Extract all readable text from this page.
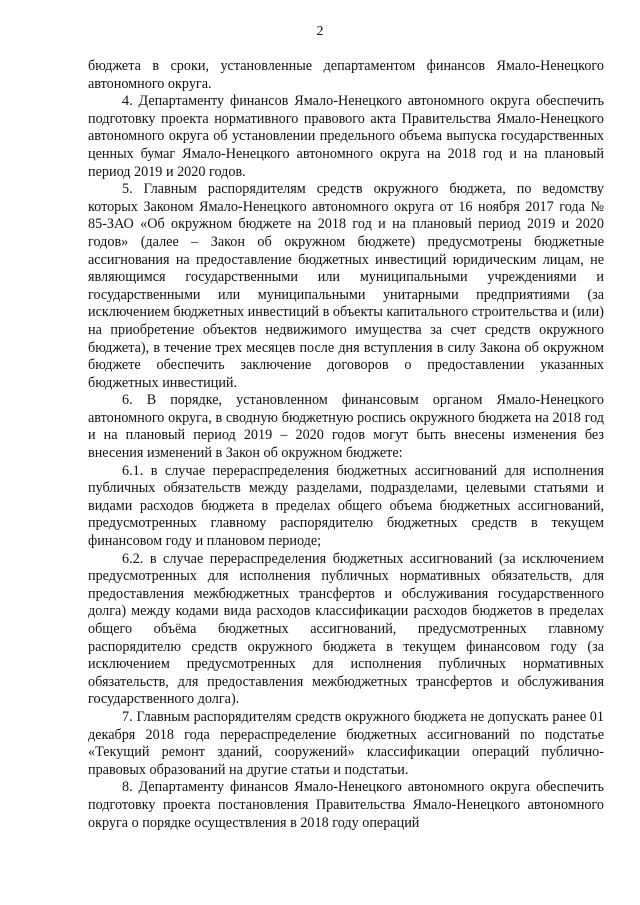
2

бюджета в сроки, установленные департаментом финансов Ямало-Ненецкого автономного округа.

4. Департаменту финансов Ямало-Ненецкого автономного округа обеспечить подготовку проекта нормативного правового акта Правительства Ямало-Ненецкого автономного округа об установлении предельного объема выпуска государственных ценных бумаг Ямало-Ненецкого автономного округа на 2018 год и на плановый период 2019 и 2020 годов.

5. Главным распорядителям средств окружного бюджета, по ведомству которых Законом Ямало-Ненецкого автономного округа от 16 ноября 2017 года № 85-ЗАО «Об окружном бюджете на 2018 год и на плановый период 2019 и 2020 годов» (далее – Закон об окружном бюджете) предусмотрены бюджетные ассигнования на предоставление бюджетных инвестиций юридическим лицам, не являющимся государственными или муниципальными учреждениями и государственными или муниципальными унитарными предприятиями (за исключением бюджетных инвестиций в объекты капитального строительства и (или) на приобретение объектов недвижимого имущества за счет средств окружного бюджета), в течение трех месяцев после дня вступления в силу Закона об окружном бюджете обеспечить заключение договоров о предоставлении указанных бюджетных инвестиций.

6. В порядке, установленном финансовым органом Ямало-Ненецкого автономного округа, в сводную бюджетную роспись окружного бюджета на 2018 год и на плановый период 2019 – 2020 годов могут быть внесены изменения без внесения изменений в Закон об окружном бюджете:

6.1. в случае перераспределения бюджетных ассигнований для исполнения публичных обязательств между разделами, подразделами, целевыми статьями и видами расходов бюджета в пределах общего объема бюджетных ассигнований, предусмотренных главному распорядителю бюджетных средств в текущем финансовом году и плановом периоде;

6.2. в случае перераспределения бюджетных ассигнований (за исключением предусмотренных для исполнения публичных нормативных обязательств, для предоставления межбюджетных трансфертов и обслуживания государственного долга) между кодами вида расходов классификации расходов бюджетов в пределах общего объёма бюджетных ассигнований, предусмотренных главному распорядителю средств окружного бюджета в текущем финансовом году (за исключением предусмотренных для исполнения публичных нормативных обязательств, для предоставления межбюджетных трансфертов и обслуживания государственного долга).

7. Главным распорядителям средств окружного бюджета не допускать ранее 01 декабря 2018 года перераспределение бюджетных ассигнований по подстатье «Текущий ремонт зданий, сооружений» классификации операций публично-правовых образований на другие статьи и подстатьи.

8. Департаменту финансов Ямало-Ненецкого автономного округа обеспечить подготовку проекта постановления Правительства Ямало-Ненецкого автономного округа о порядке осуществления в 2018 году операций
